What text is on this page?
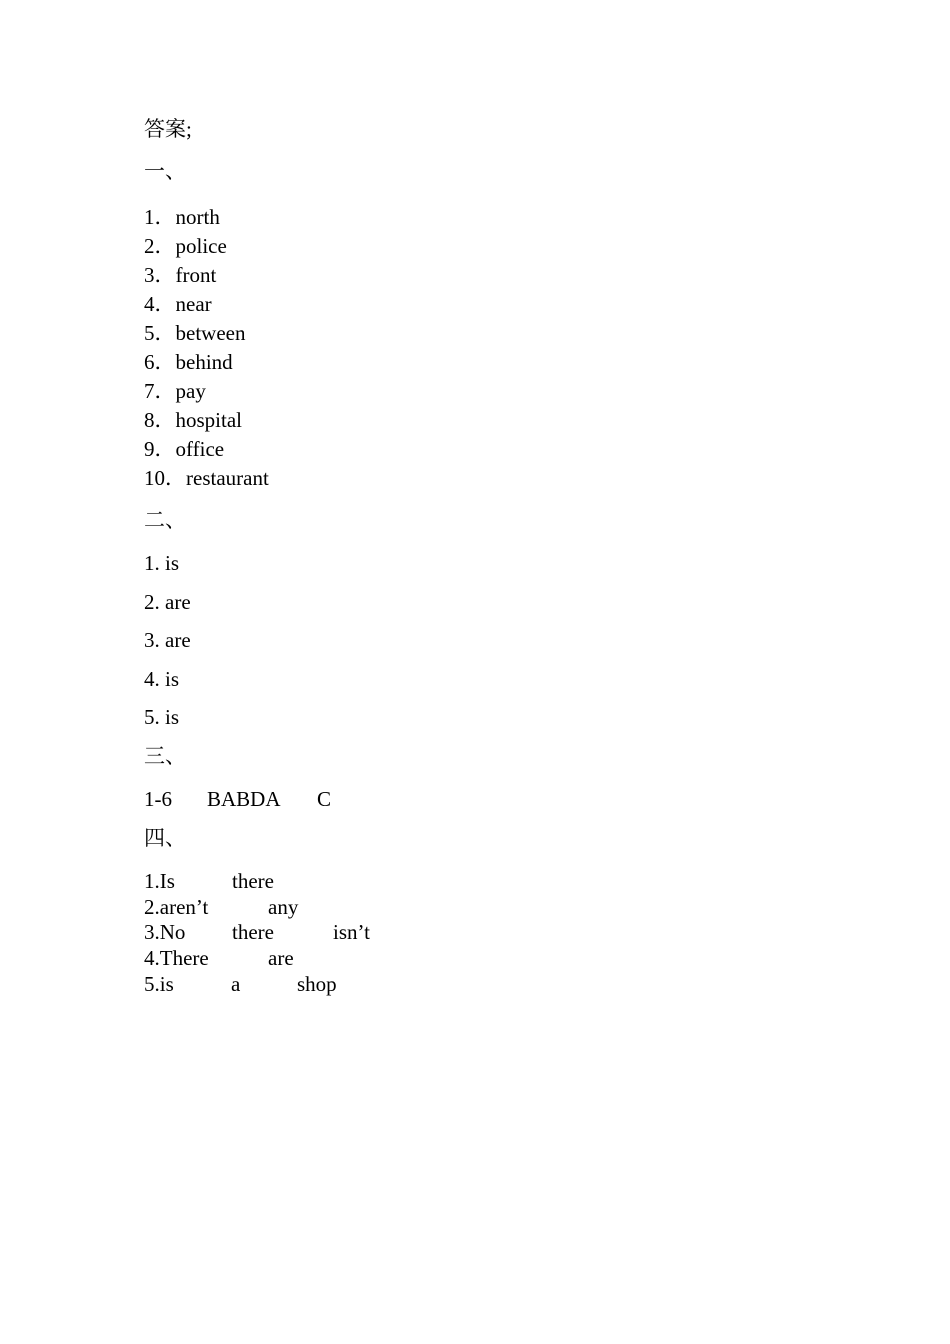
答案;
一、
1．north
2．police
3．front
4．near
5．between
6．behind
7．pay
8．hospital
9．office
10．restaurant
二、
1. is
2. are
3. are
4. is
5. is
三、
1-6 BABDA C
四、
1.Is	there
2.aren’t	any
3.No there	isn’t
4.There	are
5.is	a	shop
